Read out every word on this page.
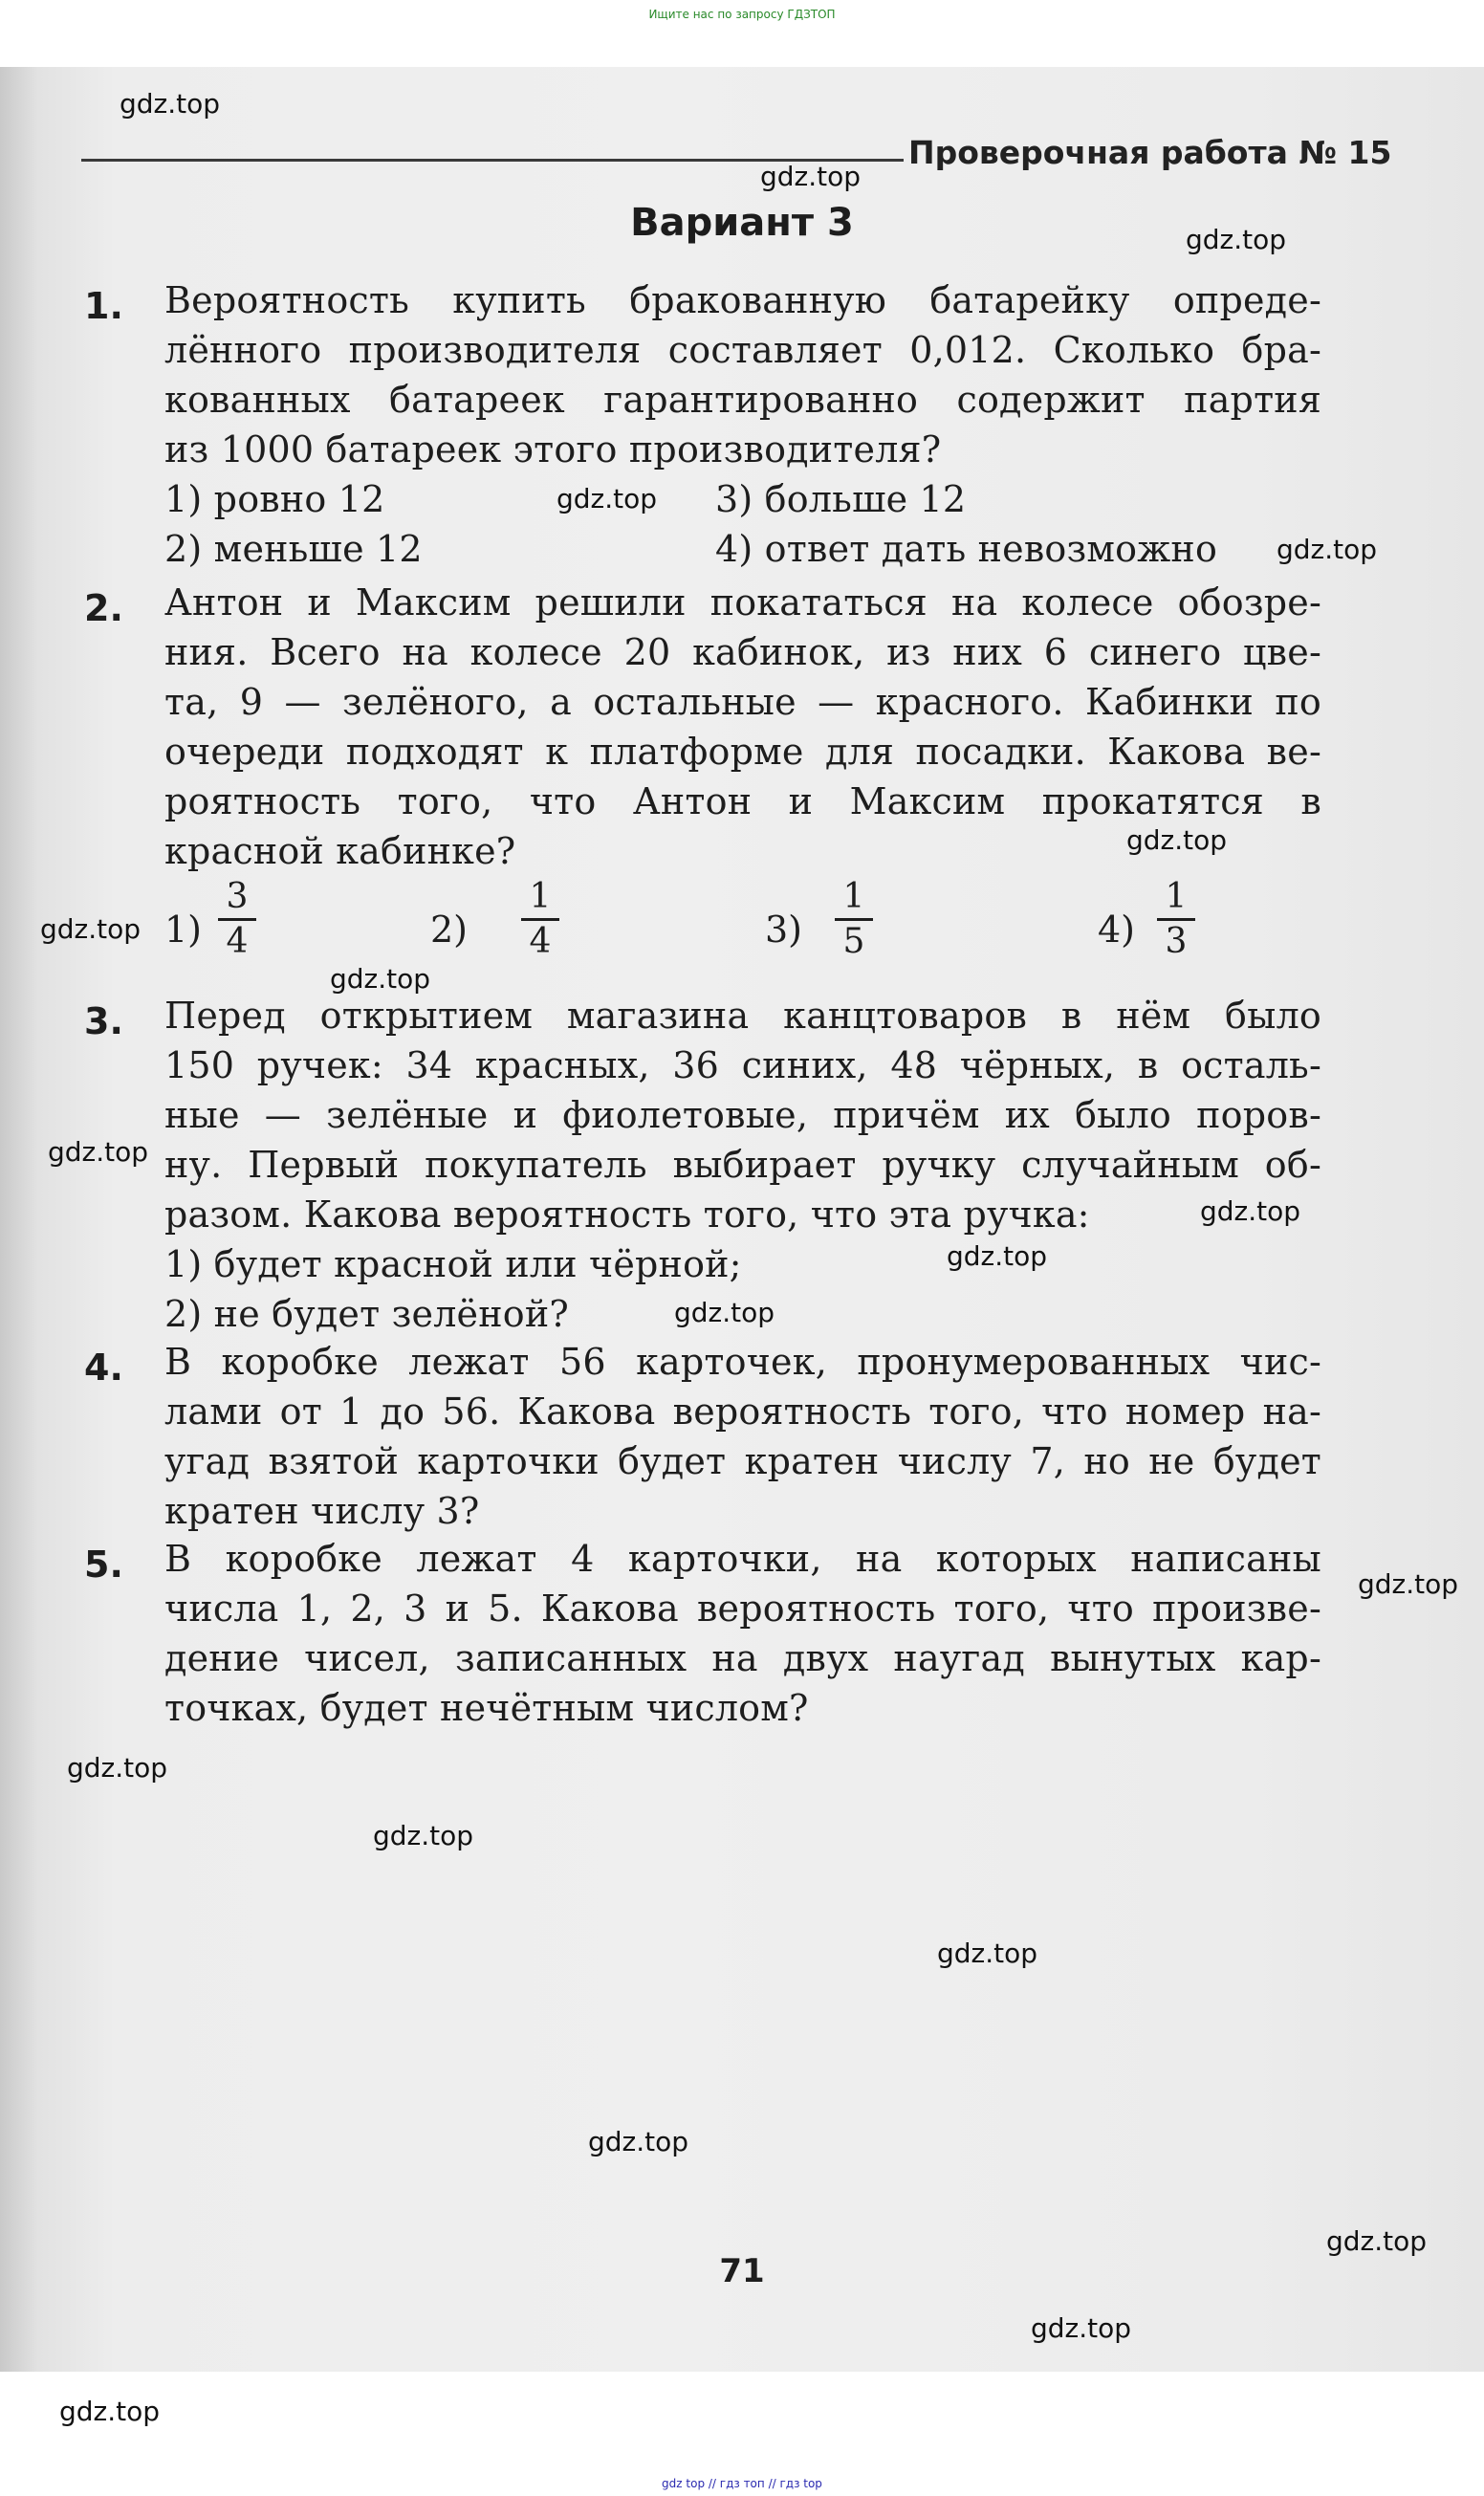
Ищите нас по запросу ГДЗТОП
Проверочная работа № 15
Вариант 3
1. Вероятность купить бракованную батарейку опреде-
лённого производителя составляет 0,012. Сколько бра-
кованных батареек гарантированно содержит партия
из 1000 батареек этого производителя?
1) ровно 12	3) больше 12
2) меньше 12	4) ответ дать невозможно
2. Антон и Максим решили покататься на колесе обозре-
ния. Всего на колесе 20 кабинок, из них 6 синего цве-
та, 9 — зелёного, а остальные — красного. Кабинки по
очереди подходят к платформе для посадки. Какова ве-
роятность того, что Антон и Максим прокатятся в
красной кабинке?
1)
3
4	2)
1
4	3)
1
5	4)
1
3
3. Перед открытием магазина канцтоваров в нём было
150 ручек: 34 красных, 36 синих, 48 чёрных, в осталь-
ные — зелёные и фиолетовые, причём их было поров-
ну. Первый покупатель выбирает ручку случайным об-
разом. Какова вероятность того, что эта ручка:
1) будет красной или чёрной;
2) не будет зелёной?
4. В коробке лежат 56 карточек, пронумерованных чис-
лами от 1 до 56. Какова вероятность того, что номер на-
угад взятой карточки будет кратен числу 7, но не будет
кратен числу 3?
5. В коробке лежат 4 карточки, на которых написаны
числа 1, 2, 3 и 5. Какова вероятность того, что произве-
дение чисел, записанных на двух наугад вынутых кар-
точках, будет нечётным числом?
71
gdz.top
gdz.top
gdz.top
gdz.top
gdz.top
gdz.top
gdz.top
gdz.top
gdz.top
gdz.top
gdz.top
gdz.top
gdz.top
gdz.top
gdz.top
gdz.top
gdz.top
gdz.top
gdz.top
gdz.top
gdz top // гдз топ // гдз top
